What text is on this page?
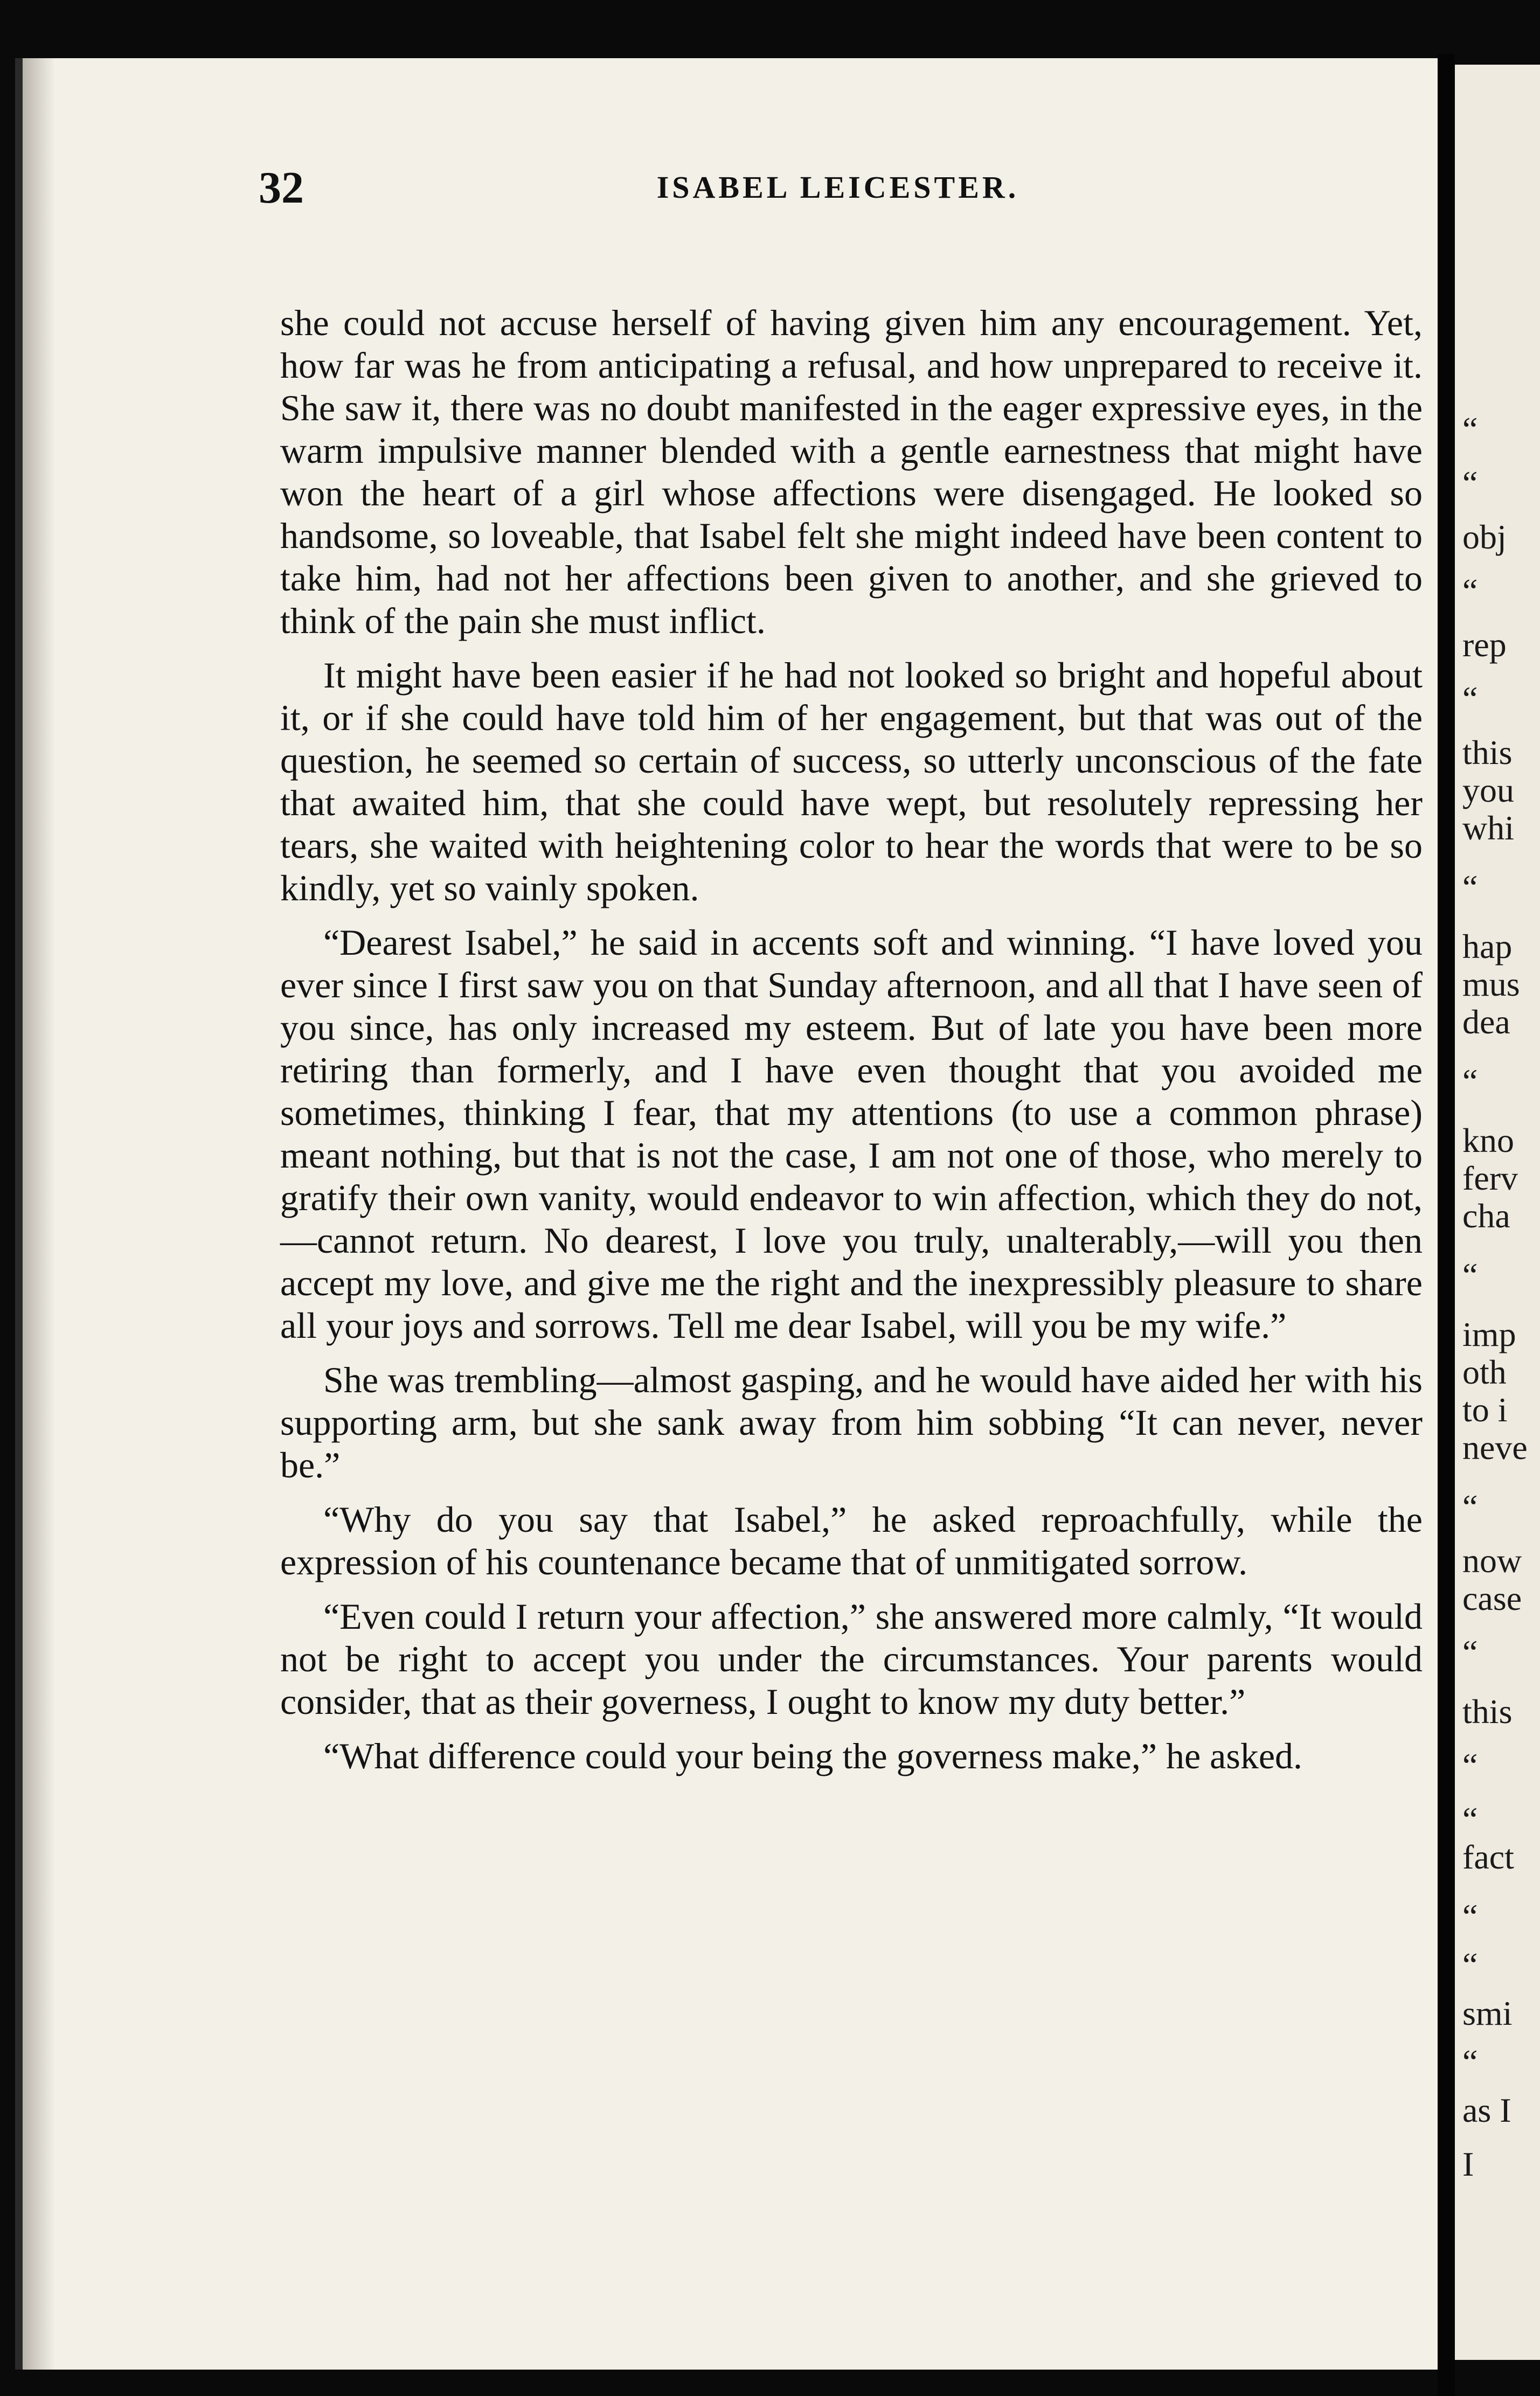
32	ISABEL LEICESTER.

she could not accuse herself of having given him any encouragement. Yet, how far was he from anticipating a refusal, and how unprepared to receive it. She saw it, there was no doubt manifested in the eager expressive eyes, in the warm impulsive manner blended with a gentle earnestness that might have won the heart of a girl whose affections were disengaged. He looked so handsome, so loveable, that Isabel felt she might indeed have been content to take him, had not her affections been given to another, and she grieved to think of the pain she must inflict.

It might have been easier if he had not looked so bright and hopeful about it, or if she could have told him of her engagement, but that was out of the question, he seemed so certain of success, so utterly unconscious of the fate that awaited him, that she could have wept, but resolutely repressing her tears, she waited with heightening color to hear the words that were to be so kindly, yet so vainly spoken.

“Dearest Isabel,” he said in accents soft and winning. “I have loved you ever since I first saw you on that Sunday afternoon, and all that I have seen of you since, has only increased my esteem. But of late you have been more retiring than formerly, and I have even thought that you avoided me sometimes, thinking I fear, that my attentions (to use a common phrase) meant nothing, but that is not the case, I am not one of those, who merely to gratify their own vanity, would endeavor to win affection, which they do not,—cannot return. No dearest, I love you truly, unalterably,—will you then accept my love, and give me the right and the inexpressibly pleasure to share all your joys and sorrows. Tell me dear Isabel, will you be my wife.”

She was trembling—almost gasping, and he would have aided her with his supporting arm, but she sank away from him sobbing “It can never, never be.”

“Why do you say that Isabel,” he asked reproachfully, while the expression of his countenance became that of unmitigated sorrow.

“Even could I return your affection,” she answered more calmly, “It would not be right to accept you under the circumstances. Your parents would consider, that as their governess, I ought to know my duty better.”

“What difference could your being the governess make,” he asked.

“
“
obj
“
rep
“
this
you
whi
“
hap
mus
dea
“
kno
ferv
cha
“
imp
oth
to i
neve
“
now
case
“
this
“
“
fact
“
“
smi
“
as I
I
